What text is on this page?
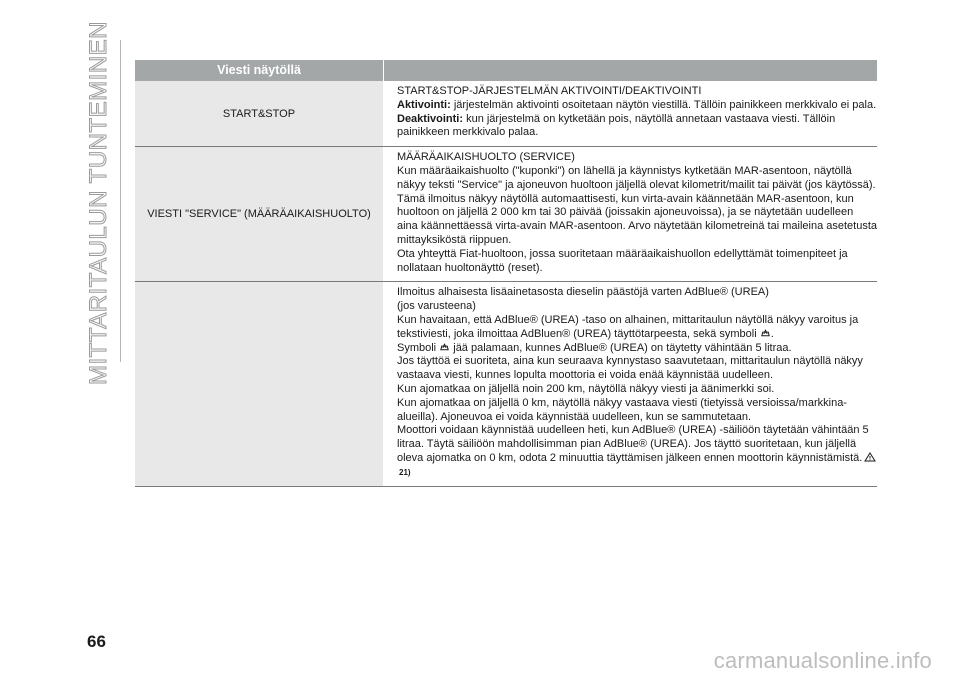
MITTARITAULUN TUNTEMINEN	Viesti näytöllä
START&STOP

START&STOP-JÄRJESTELMÄN AKTIVOINTI/DEAKTIVOINTI

Aktivointi: järjestelmän aktivointi osoitetaan näytön viestillä. Tällöin painikkeen merkkivalo ei pala.

Deaktivointi: kun järjestelmä on kytketään pois, näytöllä annetaan vastaava viesti. Tällöin painikkeen merkkivalo palaa.

VIESTI "SERVICE" (MÄÄRÄAIKAISHUOLTO)

MÄÄRÄAIKAISHUOLTO (SERVICE)

Kun määräaikaishuolto ("kuponki") on lähellä ja käynnistys kytketään MAR-asentoon, näytöllä näkyy teksti "Service" ja ajoneuvon huoltoon jäljellä olevat kilometrit/mailit tai päivät (jos käytössä).

Tämä ilmoitus näkyy näytöllä automaattisesti, kun virta-avain käännetään MAR-asentoon, kun huoltoon on jäljellä 2 000 km tai 30 päivää (joissakin ajoneuvoissa), ja se näytetään uudelleen aina käännettäessä virta-avain MAR-asentoon. Arvo näytetään kilometreinä tai maileina asetetusta mittayksiköstä riippuen.

Ota yhteyttä Fiat-huoltoon, jossa suoritetaan määräaikaishuollon edellyttämät toimenpiteet ja nollataan huoltonäyttö (reset).

Ilmoitus alhaisesta lisäainetasosta dieselin päästöjä varten AdBlue® (UREA)

(jos varusteena)

Kun havaitaan, että AdBlue® (UREA) -taso on alhainen, mittaritaulun näytöllä näkyy varoitus ja tekstiviesti, joka ilmoittaa AdBluen® (UREA) täyttötarpeesta, sekä symboli .

Symboli  jää palamaan, kunnes AdBlue® (UREA) on täytetty vähintään 5 litraa.

Jos täyttöä ei suoriteta, aina kun seuraava kynnystaso saavutetaan, mittaritaulun näytöllä näkyy vastaava viesti, kunnes lopulta moottoria ei voida enää käynnistää uudelleen.

Kun ajomatkaa on jäljellä noin 200 km, näytöllä näkyy viesti ja äänimerkki soi.

Kun ajomatkaa on jäljellä 0 km, näytöllä näkyy vastaava viesti (tietyissä versioissa/markkina-alueilla). Ajoneuvoa ei voida käynnistää uudelleen, kun se sammutetaan.

Moottori voidaan käynnistää uudelleen heti, kun AdBlue® (UREA) -säiliöön täytetään vähintään 5 litraa. Täytä säiliöön mahdollisimman pian AdBlue® (UREA). Jos täyttö suoritetaan, kun jäljellä oleva ajomatka on 0 km, odota 2 minuuttia täyttämisen jälkeen ennen moottorin käynnistämistä.21)

66
carmanualsonline.info
